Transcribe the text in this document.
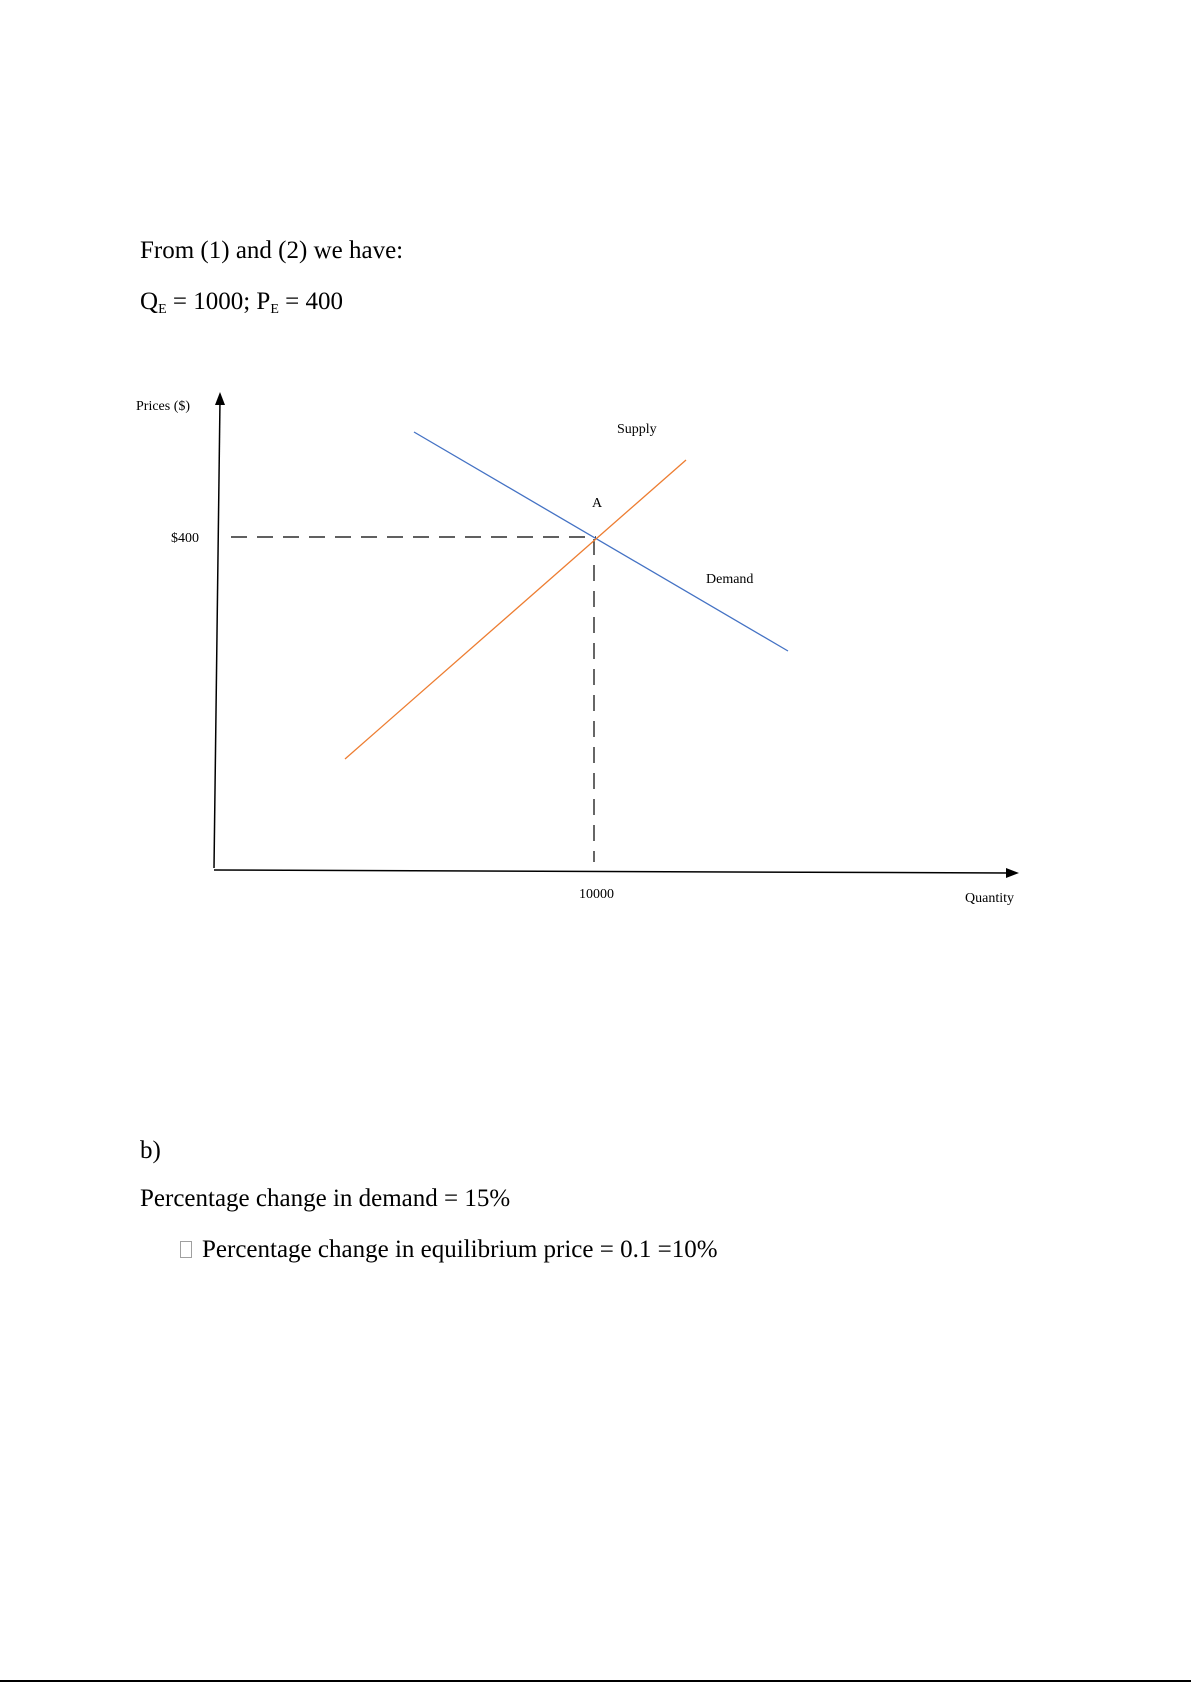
From (1) and (2) we have:
$Q_E = 1000$; $P_E = 400$
Prices ($)
$400
Supply
A
Demand
10000	Quantity
b)
Percentage change in demand = 15%
Percentage change in equilibrium price = 0.1 =10%
